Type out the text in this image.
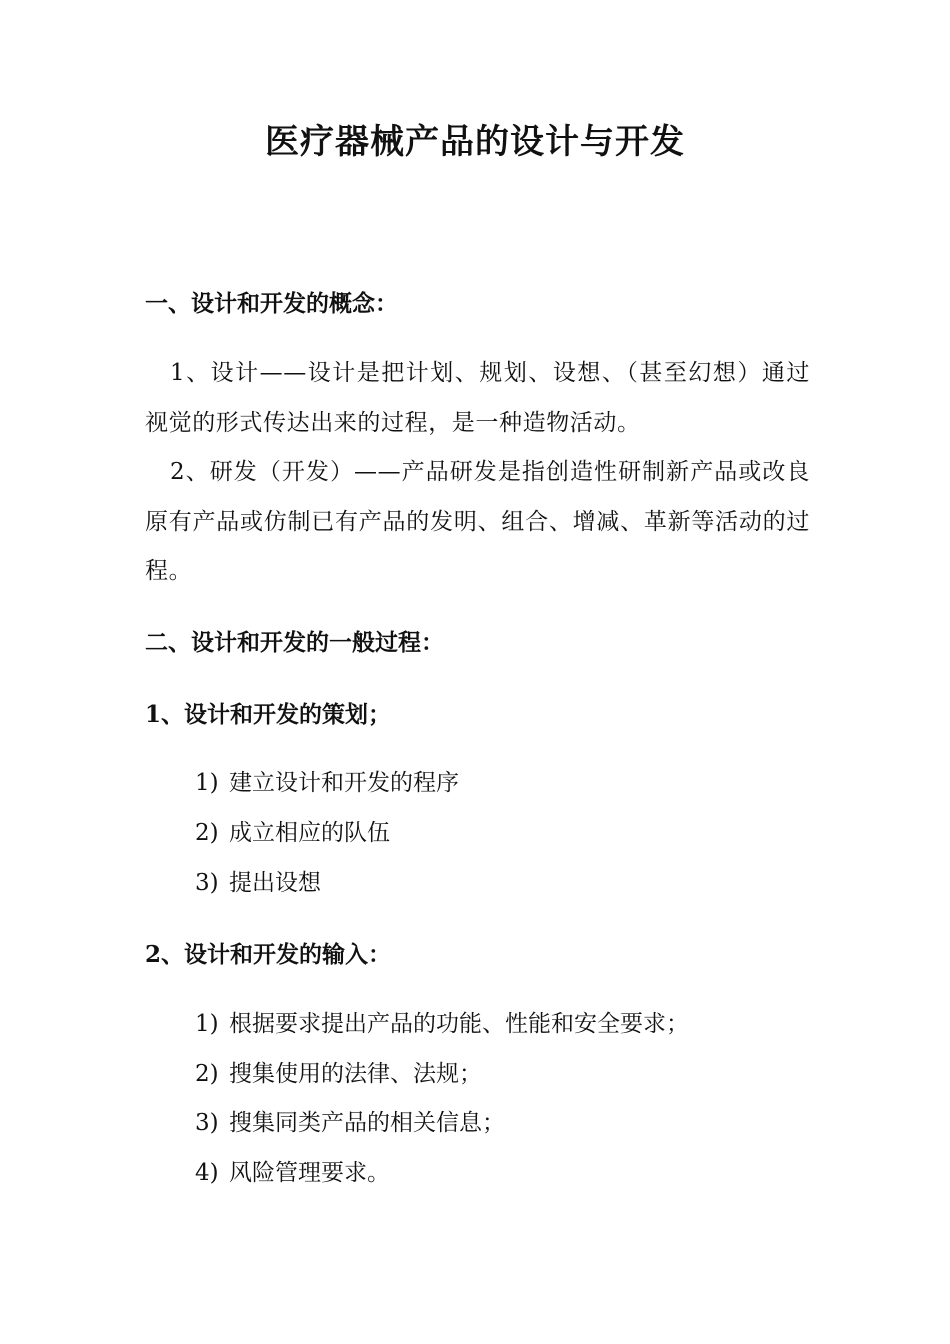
医疗器械产品的设计与开发
一、设计和开发的概念：
1、设计——设计是把计划、规划、设想、（甚至幻想）通过视觉的形式传达出来的过程，是一种造物活动。
2、研发（开发）——产品研发是指创造性研制新产品或改良原有产品或仿制已有产品的发明、组合、增减、革新等活动的过程。
二、设计和开发的一般过程：
1、设计和开发的策划；
1) 建立设计和开发的程序
2) 成立相应的队伍
3) 提出设想
2、设计和开发的输入：
1) 根据要求提出产品的功能、性能和安全要求；
2) 搜集使用的法律、法规；
3) 搜集同类产品的相关信息；
4) 风险管理要求。
